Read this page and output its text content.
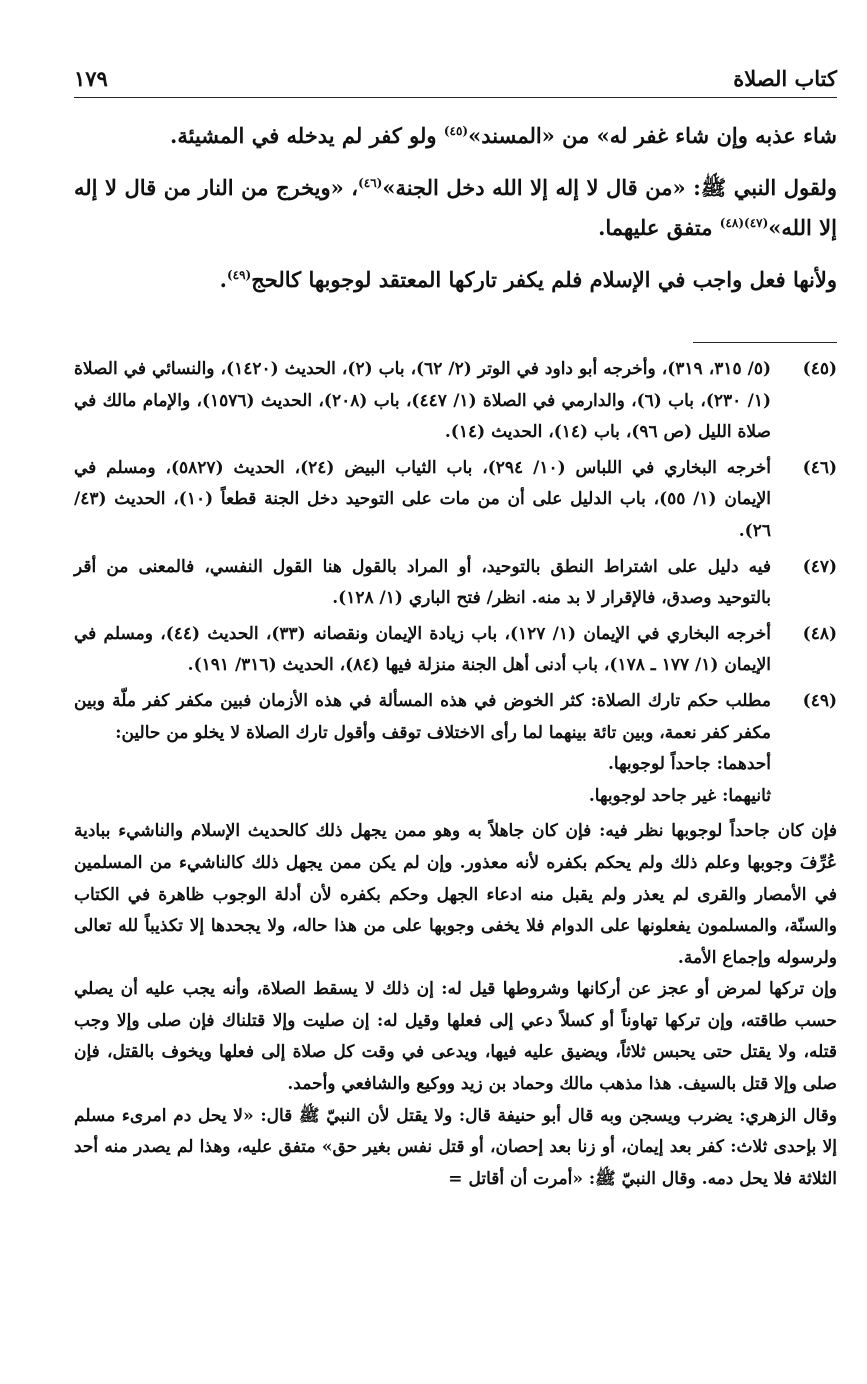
١٧٩	كتاب الصلاة

شاء عذبه وإن شاء غفر له» من «المسند»$^{(٤٥)}$ ولو كفر لم يدخله في المشيئة.

ولقول النبي ﷺ: «من قال لا إله إلا الله دخل الجنة»$^{(٤٦)}$، «ويخرج من النار من قال لا إله إلا الله»$^{(٤٧)(٤٨)}$ متفق عليهما.

ولأنها فعل واجب في الإسلام فلم يكفر تاركها المعتقد لوجوبها كالحج$^{(٤٩)}$.

(٤٥)
(٥/ ٣١٥، ٣١٩)، وأخرجه أبو داود في الوتر (٢/ ٦٢)، باب (٢)، الحديث (١٤٢٠)، والنسائي في الصلاة (١/ ٢٣٠)، باب (٦)، والدارمي في الصلاة (١/ ٤٤٧)، باب (٢٠٨)، الحديث (١٥٧٦)، والإمام مالك في صلاة الليل (ص ٩٦)، باب (١٤)، الحديث (١٤).
(٤٦)
أخرجه البخاري في اللباس (١٠/ ٢٩٤)، باب الثياب البيض (٢٤)، الحديث (٥٨٢٧)، ومسلم في الإيمان (١/ ٥٥)، باب الدليل على أن من مات على التوحيد دخل الجنة قطعاً (١٠)، الحديث (٤٣/ ٢٦).
(٤٧)
فيه دليل على اشتراط النطق بالتوحيد، أو المراد بالقول هنا القول النفسي، فالمعنى من أقر بالتوحيد وصدق، فالإقرار لا بد منه. انظر/ فتح الباري (١/ ١٢٨).
(٤٨)
أخرجه البخاري في الإيمان (١/ ١٢٧)، باب زيادة الإيمان ونقصانه (٣٣)، الحديث (٤٤)، ومسلم في الإيمان (١/ ١٧٧ ـ ١٧٨)، باب أدنى أهل الجنة منزلة فيها (٨٤)، الحديث (٣١٦/ ١٩١).
(٤٩)

مطلب حكم تارك الصلاة: كثر الخوض في هذه المسألة في هذه الأزمان فبين مكفر كفر ملّة وبين مكفر كفر نعمة، وبين تائة بينهما لما رأى الاختلاف توقف وأقول تارك الصلاة لا يخلو من حالين:

أحدهما: جاحداً لوجوبها.

ثانيهما: غير جاحد لوجوبها.

فإن كان جاحداً لوجوبها نظر فيه: فإن كان جاهلاً به وهو ممن يجهل ذلك كالحديث الإسلام والناشيء ببادية عُرِّفَ وجوبها وعلم ذلك ولم يحكم بكفره لأنه معذور. وإن لم يكن ممن يجهل ذلك كالناشيء من المسلمين في الأمصار والقرى لم يعذر ولم يقبل منه ادعاء الجهل وحكم بكفره لأن أدلة الوجوب ظاهرة في الكتاب والسنّة، والمسلمون يفعلونها على الدوام فلا يخفى وجوبها على من هذا حاله، ولا يجحدها إلا تكذيباً لله تعالى ولرسوله وإجماع الأمة.

وإن تركها لمرض أو عجز عن أركانها وشروطها قيل له: إن ذلك لا يسقط الصلاة، وأنه يجب عليه أن يصلي حسب طاقته، وإن تركها تهاوناً أو كسلاً دعي إلى فعلها وقيل له: إن صليت وإلا قتلناك فإن صلى وإلا وجب قتله، ولا يقتل حتى يحبس ثلاثاً، ويضيق عليه فيها، ويدعى في وقت كل صلاة إلى فعلها ويخوف بالقتل، فإن صلى وإلا قتل بالسيف. هذا مذهب مالك وحماد بن زيد ووكيع والشافعي وأحمد.

وقال الزهري: يضرب ويسجن وبه قال أبو حنيفة قال: ولا يقتل لأن النبيّ ﷺ قال: «لا يحل دم امرىء مسلم إلا بإحدى ثلاث: كفر بعد إيمان، أو زنا بعد إحصان، أو قتل نفس بغير حق» متفق عليه، وهذا لم يصدر منه أحد الثلاثة فلا يحل دمه. وقال النبيّ ﷺ: «أمرت أن أقاتل =
